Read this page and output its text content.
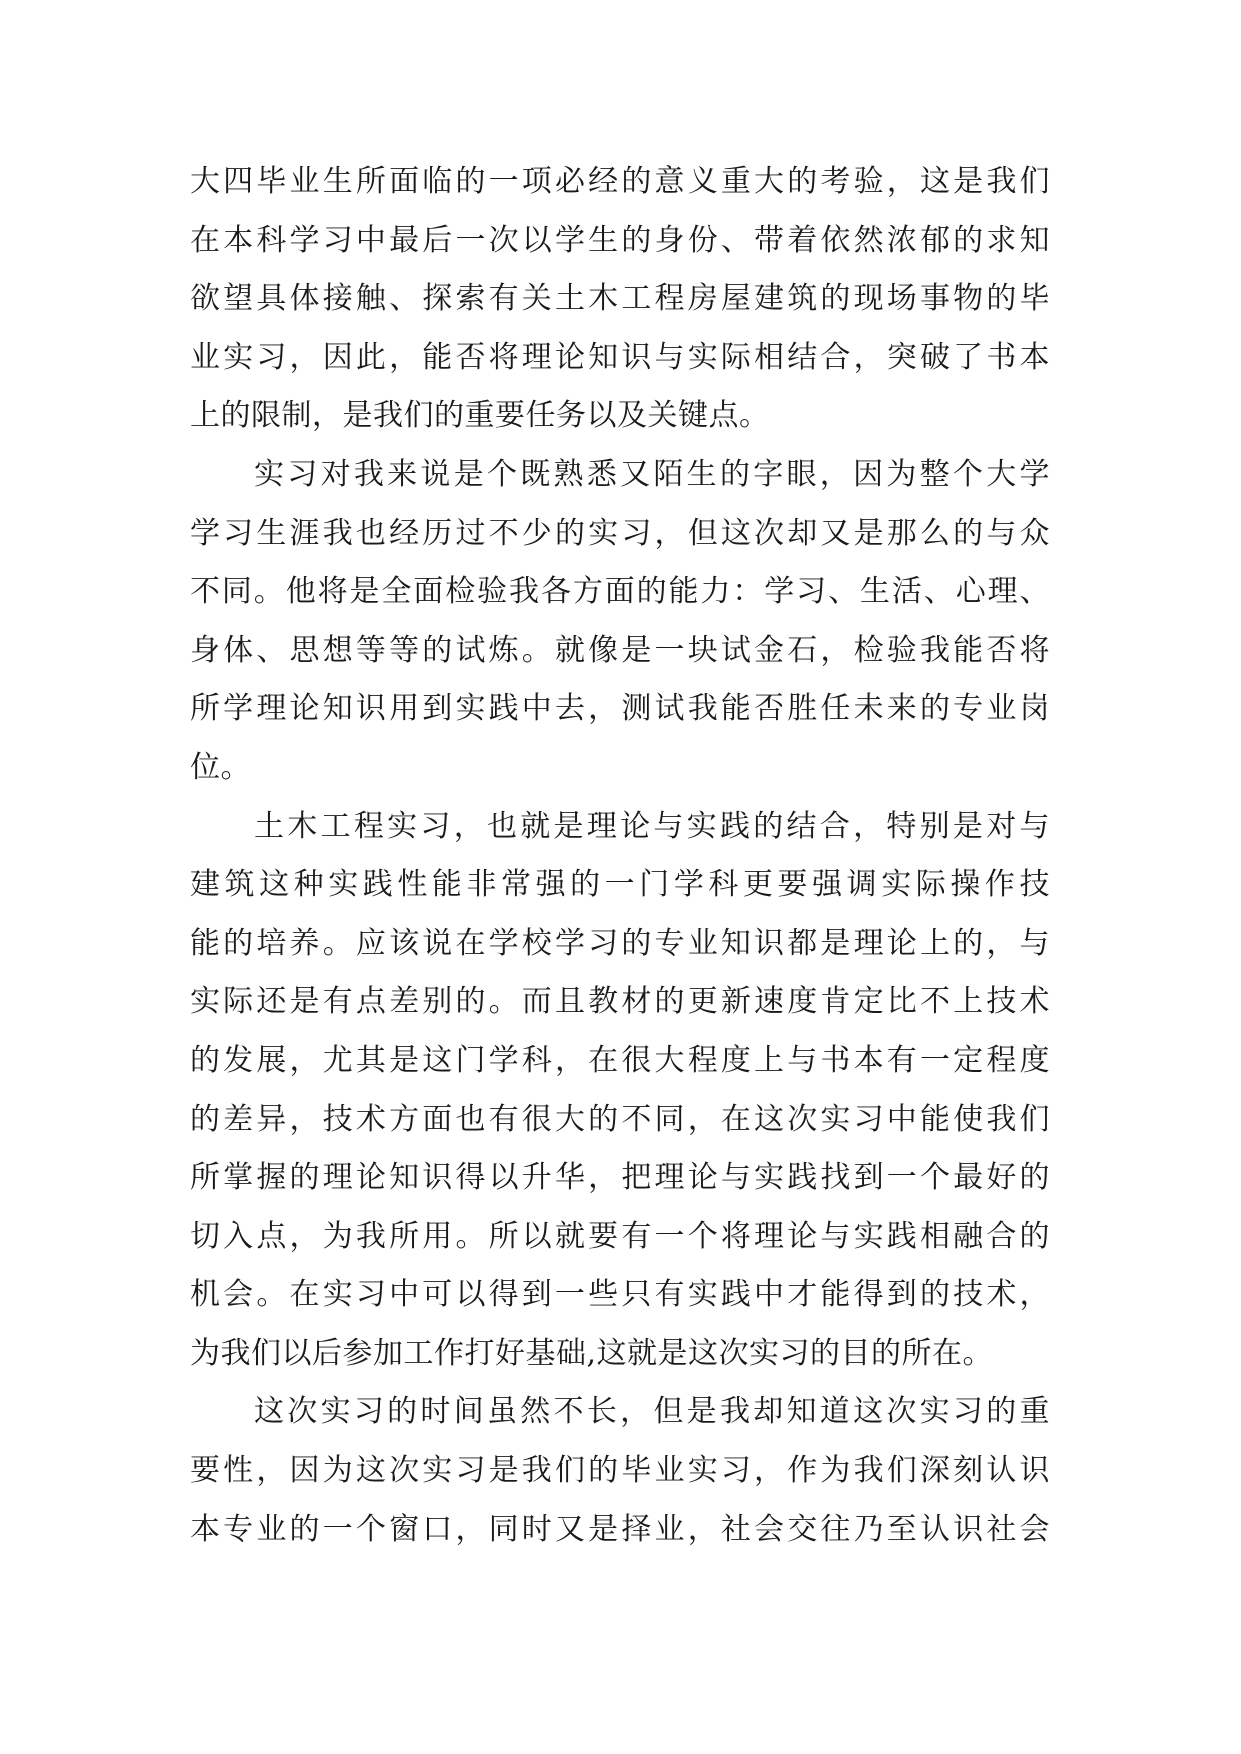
大四毕业生所面临的一项必经的意义重大的考验，这是我们
在本科学习中最后一次以学生的身份、带着依然浓郁的求知
欲望具体接触、探索有关土木工程房屋建筑的现场事物的毕
业实习，因此，能否将理论知识与实际相结合，突破了书本
上的限制，是我们的重要任务以及关键点。
实习对我来说是个既熟悉又陌生的字眼，因为整个大学
学习生涯我也经历过不少的实习，但这次却又是那么的与众
不同。他将是全面检验我各方面的能力：学习、生活、心理、
身体、思想等等的试炼。就像是一块试金石，检验我能否将
所学理论知识用到实践中去，测试我能否胜任未来的专业岗
位。
土木工程实习，也就是理论与实践的结合，特别是对与
建筑这种实践性能非常强的一门学科更要强调实际操作技
能的培养。应该说在学校学习的专业知识都是理论上的，与
实际还是有点差别的。而且教材的更新速度肯定比不上技术
的发展，尤其是这门学科，在很大程度上与书本有一定程度
的差异，技术方面也有很大的不同，在这次实习中能使我们
所掌握的理论知识得以升华，把理论与实践找到一个最好的
切入点，为我所用。所以就要有一个将理论与实践相融合的
机会。在实习中可以得到一些只有实践中才能得到的技术，
为我们以后参加工作打好基础,这就是这次实习的目的所在。
这次实习的时间虽然不长，但是我却知道这次实习的重
要性，因为这次实习是我们的毕业实习，作为我们深刻认识
本专业的一个窗口，同时又是择业，社会交往乃至认识社会
